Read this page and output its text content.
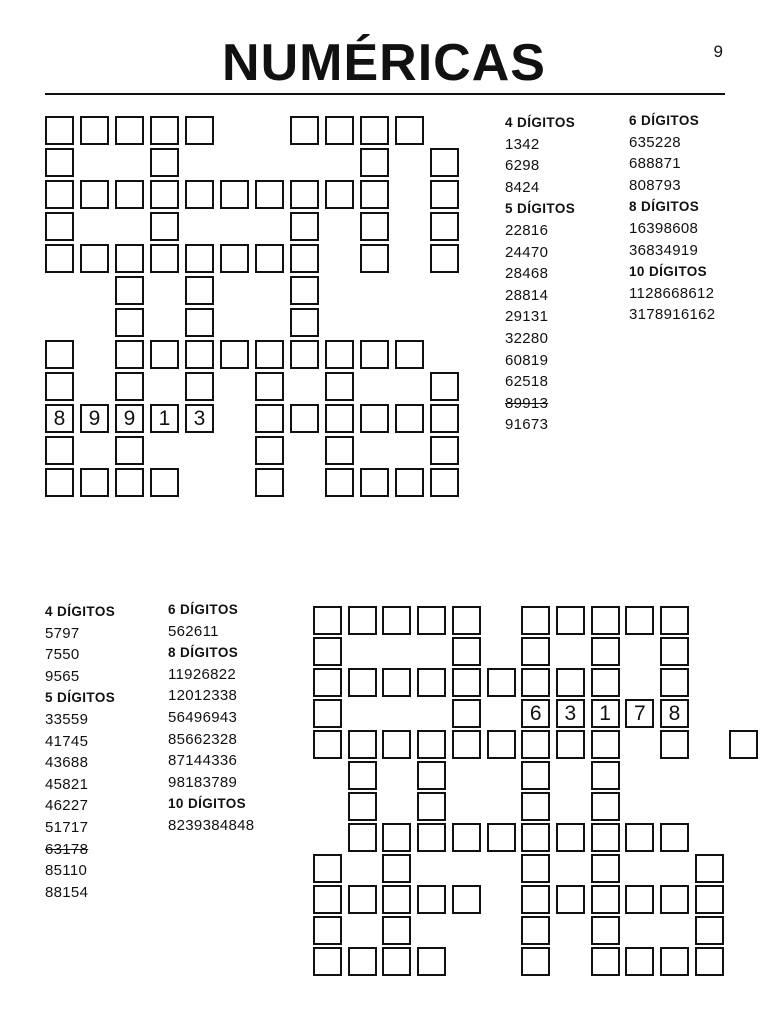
NUMÉRICAS	9
8	9	9	1	3
4 DÍGITOS
1342
6298
8424
5 DÍGITOS
22816
24470
28468
28814
29131
32280
60819
62518
89913
91673
6 DÍGITOS
635228
688871
808793
8 DÍGITOS
16398608
36834919
10 DÍGITOS
1128668612
3178916162
6	3	1	7	8
4 DÍGITOS
5797
7550
9565
5 DÍGITOS
33559
41745
43688
45821
46227
51717
63178
85110
88154
6 DÍGITOS
562611
8 DÍGITOS
11926822
12012338
56496943
85662328
87144336
98183789
10 DÍGITOS
8239384848
